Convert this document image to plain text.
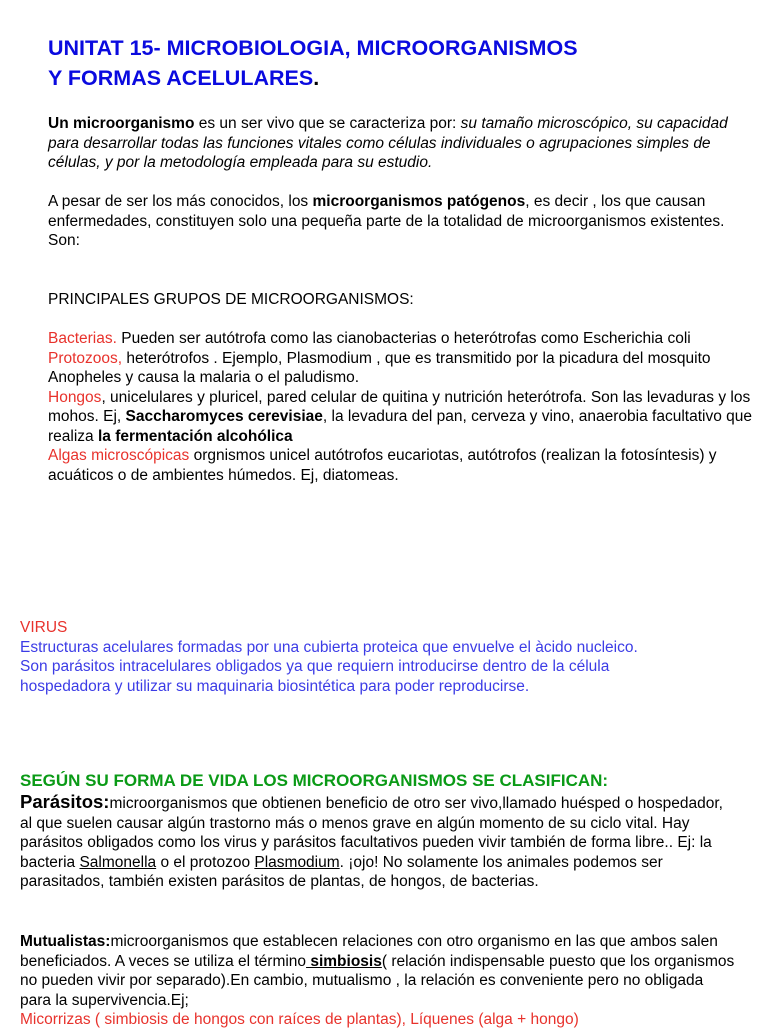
UNITAT 15- MICROBIOLOGIA, MICROORGANISMOS
Y FORMAS ACELULARES.
Un microorganismo es un ser vivo que se caracteriza por: su tamaño microscópico, su capacidad para desarrollar todas las funciones vitales como células individuales o agrupaciones simples de células, y por la metodología empleada para su estudio.
A pesar de ser los más conocidos, los microorganismos patógenos, es decir , los que causan enfermedades, constituyen solo una pequeña parte de la totalidad de microorganismos existentes. Son:
PRINCIPALES GRUPOS DE MICROORGANISMOS:
Bacterias. Pueden ser autótrofa como las cianobacterias o heterótrofas como Escherichia coli
Protozoos, heterótrofos . Ejemplo, Plasmodium , que es transmitido por la picadura del mosquito Anopheles y causa la malaria o el paludismo.
Hongos, unicelulares y pluricel, pared celular de quitina y nutrición heterótrofa. Son las levaduras y los mohos. Ej, Saccharomyces cerevisiae, la levadura del pan, cerveza y vino, anaerobia facultativo que realiza la fermentación alcohólica
Algas microscópicas orgnismos unicel autótrofos eucariotas, autótrofos (realizan la fotosíntesis) y acuáticos o de ambientes húmedos. Ej, diatomeas.
VIRUS
Estructuras acelulares formadas por una cubierta proteica que envuelve el àcido nucleico.
Son parásitos intracelulares obligados ya que requiern introducirse dentro de la célula hospedadora y utilizar su maquinaria biosintética para poder reproducirse.
SEGÚN SU FORMA DE VIDA LOS MICROORGANISMOS SE CLASIFICAN:
Parásitos:microorganismos que obtienen beneficio de otro ser vivo,llamado huésped o hospedador, al que suelen causar algún trastorno más o menos grave en algún momento de su ciclo vital. Hay parásitos obligados como los virus y parásitos facultativos pueden vivir también de forma libre.. Ej: la bacteria Salmonella o el protozoo Plasmodium. ¡ojo! No solamente los animales podemos ser parasitados, también existen parásitos de plantas, de hongos, de bacterias.
Mutualistas:microorganismos que establecen relaciones con otro organismo en las que ambos salen beneficiados. A veces se utiliza el término simbiosis( relación indispensable puesto que los organismos no pueden vivir por separado).En cambio, mutualismo , la relación es conveniente pero no obligada para la supervivencia.Ej;
Micorrizas ( simbiosis de hongos con raíces de plantas), Líquenes (alga + hongo)
